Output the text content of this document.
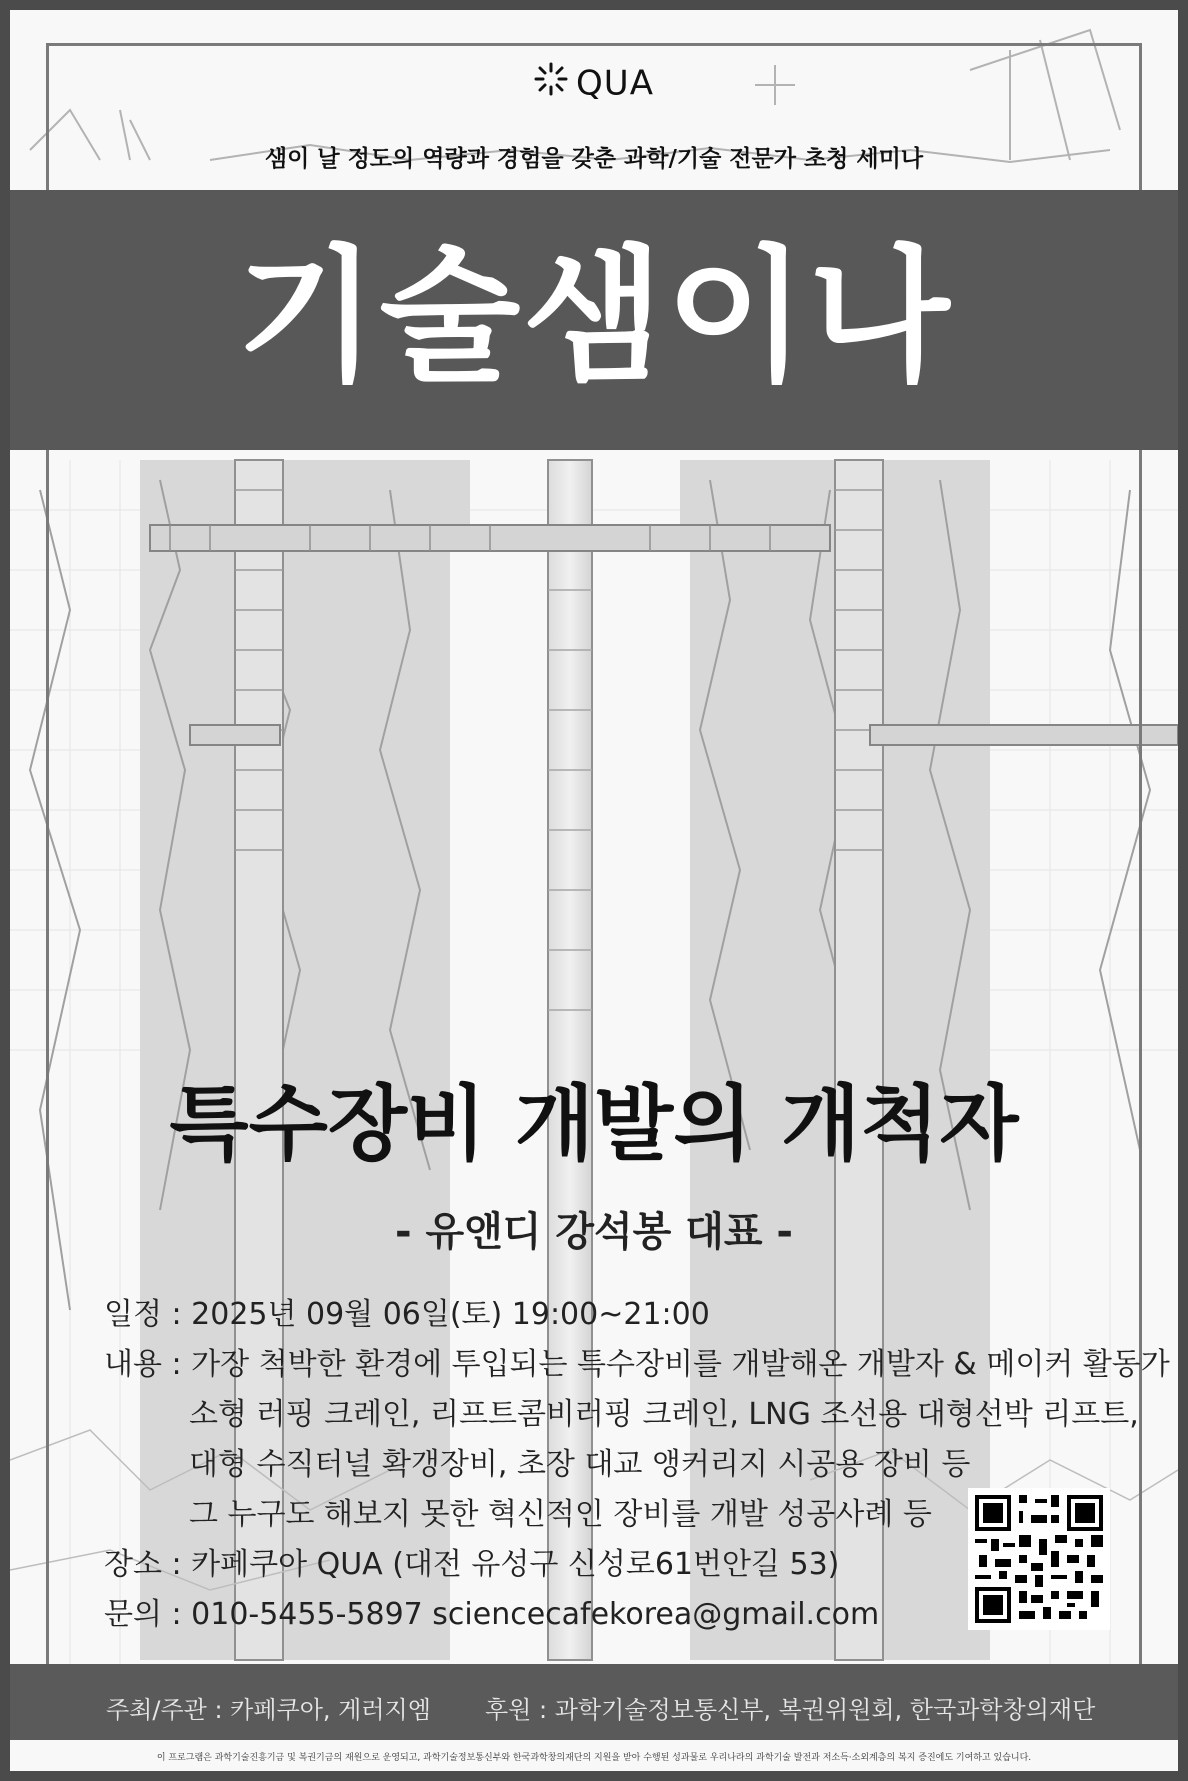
QUA
샘이 날 정도의 역량과 경험을 갖춘 과학/기술 전문가 초청 세미나
기술샘이나
특수장비 개발의 개척자
- 유앤디 강석봉 대표 -
일정 : 2025년 09월 06일(토) 19:00~21:00
내용 : 가장 척박한 환경에 투입되는 특수장비를 개발해온 개발자 & 메이커 활동가
소형 러핑 크레인, 리프트콤비러핑 크레인, LNG 조선용 대형선박 리프트,
대형 수직터널 확갱장비, 초장 대교 앵커리지 시공용 장비 등
그 누구도 해보지 못한 혁신적인 장비를 개발 성공사례 등
장소 : 카페쿠아 QUA (대전 유성구 신성로61번안길 53)
문의 : 010-5455-5897 sciencecafekorea@gmail.com
주최/주관 : 카페쿠아, 게러지엠 후원 : 과학기술정보통신부, 복권위원회, 한국과학창의재단
이 프로그램은 과학기술진흥기금 및 복권기금의 재원으로 운영되고, 과학기술정보통신부와 한국과학창의재단의 지원을 받아 수행된 성과물로 우리나라의 과학기술 발전과 저소득·소외계층의 복지 증진에도 기여하고 있습니다.
